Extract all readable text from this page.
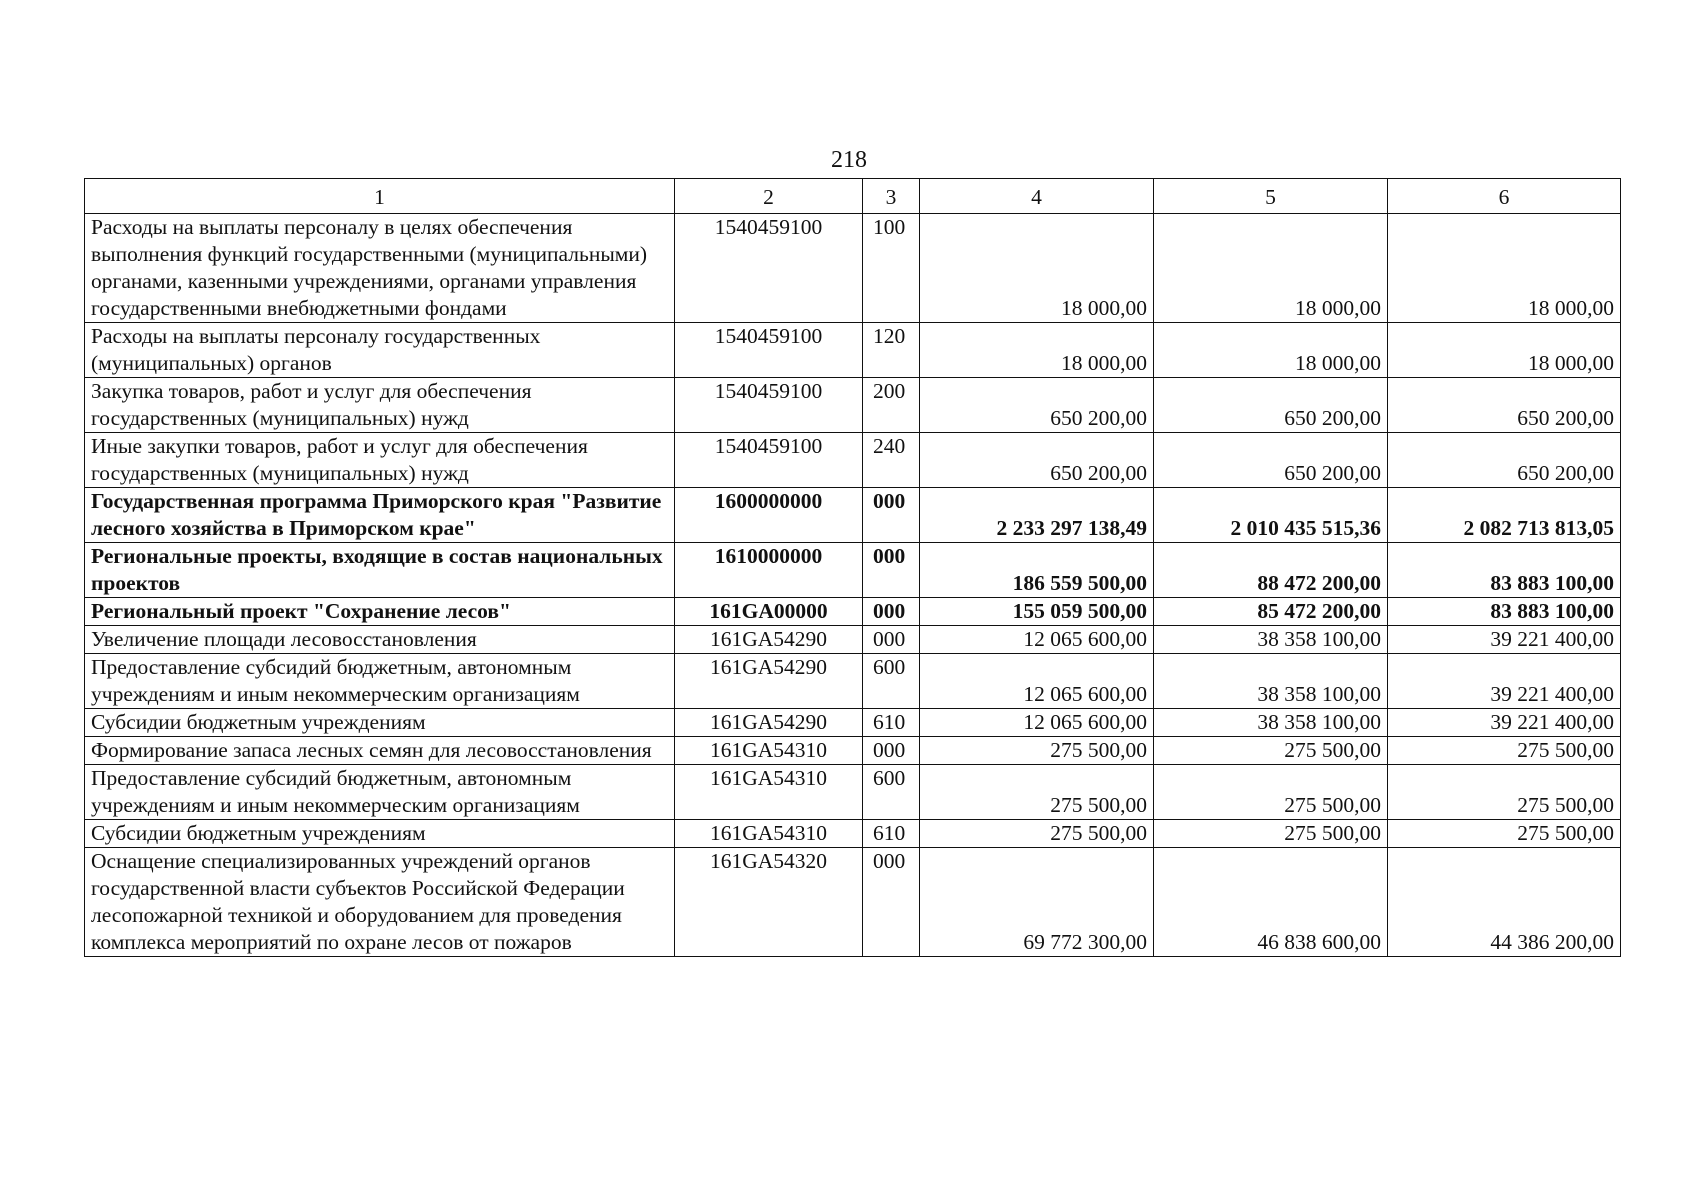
218
1	2	3	4	5	6
Расходы на выплаты персоналу в целях обеспечения выполнения функций государственными (муниципальными) органами, казенными учреждениями, органами управления государственными внебюджетными фондами	1540459100	100	18 000,00	18 000,00	18 000,00
Расходы на выплаты персоналу государственных (муниципальных) органов	1540459100	120	18 000,00	18 000,00	18 000,00
Закупка товаров, работ и услуг для обеспечения государственных (муниципальных) нужд	1540459100	200	650 200,00	650 200,00	650 200,00
Иные закупки товаров, работ и услуг для обеспечения государственных (муниципальных) нужд	1540459100	240	650 200,00	650 200,00	650 200,00
Государственная программа Приморского края "Развитие лесного хозяйства в Приморском крае"	1600000000	000	2 233 297 138,49	2 010 435 515,36	2 082 713 813,05
Региональные проекты, входящие в состав национальных проектов	1610000000	000	186 559 500,00	88 472 200,00	83 883 100,00
Региональный проект "Сохранение лесов"	161GA00000	000	155 059 500,00	85 472 200,00	83 883 100,00
Увеличение площади лесовосстановления	161GA54290	000	12 065 600,00	38 358 100,00	39 221 400,00
Предоставление субсидий бюджетным, автономным учреждениям и иным некоммерческим организациям	161GA54290	600	12 065 600,00	38 358 100,00	39 221 400,00
Субсидии бюджетным учреждениям	161GA54290	610	12 065 600,00	38 358 100,00	39 221 400,00
Формирование запаса лесных семян для лесовосстановления	161GA54310	000	275 500,00	275 500,00	275 500,00
Предоставление субсидий бюджетным, автономным учреждениям и иным некоммерческим организациям	161GA54310	600	275 500,00	275 500,00	275 500,00
Субсидии бюджетным учреждениям	161GA54310	610	275 500,00	275 500,00	275 500,00
Оснащение специализированных учреждений органов государственной власти субъектов Российской Федерации лесопожарной техникой и оборудованием для проведения комплекса мероприятий по охране лесов от пожаров	161GA54320	000	69 772 300,00	46 838 600,00	44 386 200,00
